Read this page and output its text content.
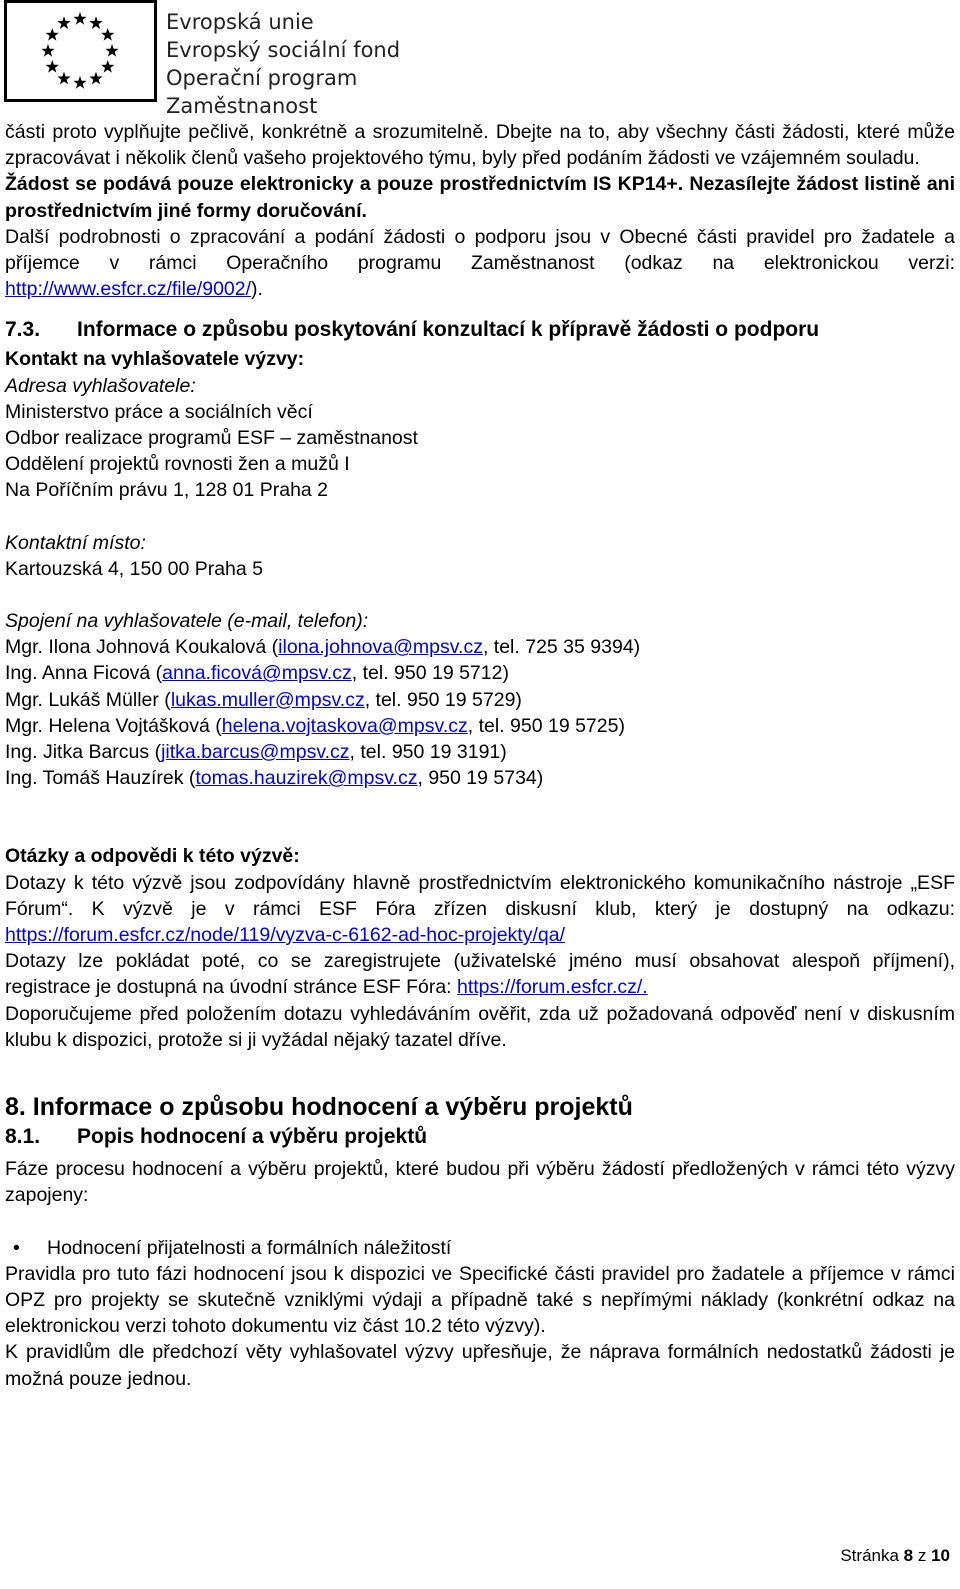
Evropská unie
Evropský sociální fond
Operační program Zaměstnanost

části proto vyplňujte pečlivě, konkrétně a srozumitelně. Dbejte na to, aby všechny části žádosti, které může zpracovávat i několik členů vašeho projektového týmu, byly před podáním žádosti ve vzájemném souladu.

Žádost se podává pouze elektronicky a pouze prostřednictvím IS KP14+. Nezasílejte žádost listině ani prostřednictvím jiné formy doručování.

Další podrobnosti o zpracování a podání žádosti o podporu jsou v Obecné části pravidel pro žadatele a příjemce v rámci Operačního programu Zaměstnanost (odkaz na elektronickou verzi: http://www.esfcr.cz/file/9002/).

7.3.	Informace o způsobu poskytování konzultací k přípravě žádosti o podporu

Kontakt na vyhlašovatele výzvy:

Adresa vyhlašovatele:

Ministerstvo práce a sociálních věcí

Odbor realizace programů ESF – zaměstnanost

Oddělení projektů rovnosti žen a mužů I

Na Poříčním právu 1, 128 01 Praha 2

Kontaktní místo:

Kartouzská 4, 150 00 Praha 5

Spojení na vyhlašovatele (e-mail, telefon):

Mgr. Ilona Johnová Koukalová (ilona.johnova@mpsv.cz, tel. 725 35 9394)

Ing. Anna Ficová (anna.ficová@mpsv.cz, tel. 950 19 5712)

Mgr. Lukáš Müller (lukas.muller@mpsv.cz, tel. 950 19 5729)

Mgr. Helena Vojtášková (helena.vojtaskova@mpsv.cz, tel. 950 19 5725)

Ing. Jitka Barcus (jitka.barcus@mpsv.cz, tel. 950 19 3191)

Ing. Tomáš Hauzírek (tomas.hauzirek@mpsv.cz, 950 19 5734)

Otázky a odpovědi k této výzvě:

Dotazy k této výzvě jsou zodpovídány hlavně prostřednictvím elektronického komunikačního nástroje „ESF Fórum“. K výzvě je v rámci ESF Fóra zřízen diskusní klub, který je dostupný na odkazu: https://forum.esfcr.cz/node/119/vyzva-c-6162-ad-hoc-projekty/qa/

Dotazy lze pokládat poté, co se zaregistrujete (uživatelské jméno musí obsahovat alespoň příjmení), registrace je dostupná na úvodní stránce ESF Fóra: https://forum.esfcr.cz/.

Doporučujeme před položením dotazu vyhledáváním ověřit, zda už požadovaná odpověď není v diskusním klubu k dispozici, protože si ji vyžádal nějaký tazatel dříve.

8. Informace o způsobu hodnocení a výběru projektů
8.1.	Popis hodnocení a výběru projektů

Fáze procesu hodnocení a výběru projektů, které budou při výběru žádostí předložených v rámci této výzvy zapojeny:

•	Hodnocení přijatelnosti a formálních náležitostí

Pravidla pro tuto fázi hodnocení jsou k dispozici ve Specifické části pravidel pro žadatele a příjemce v rámci OPZ pro projekty se skutečně vzniklými výdaji a případně také s nepřímými náklady (konkrétní odkaz na elektronickou verzi tohoto dokumentu viz část 10.2 této výzvy).

K pravidlům dle předchozí věty vyhlašovatel výzvy upřesňuje, že náprava formálních nedostatků žádosti je možná pouze jednou.

Stránka 8 z 10
